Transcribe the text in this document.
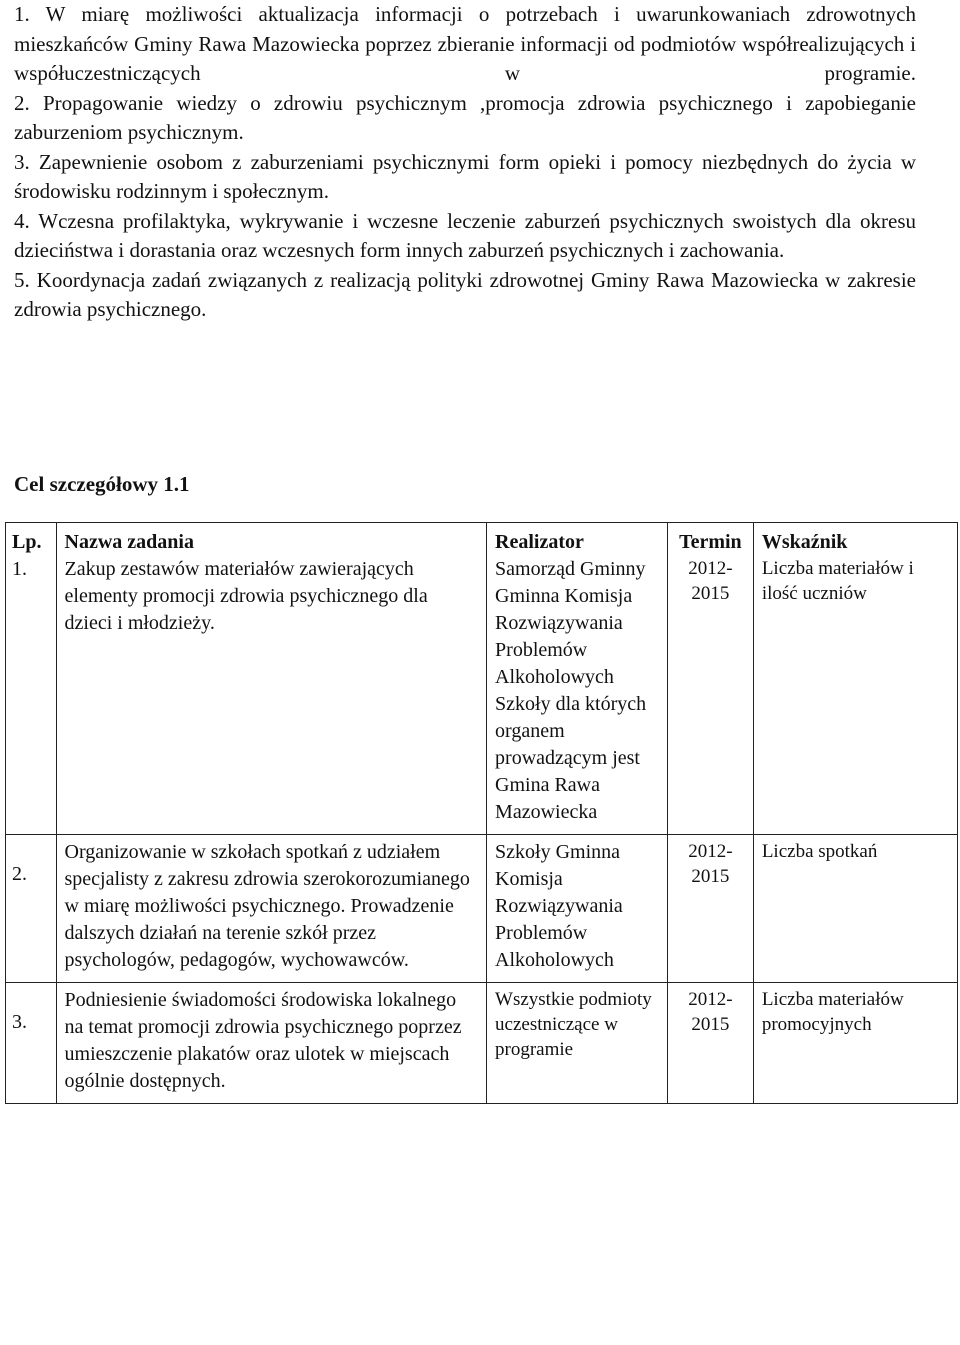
1. W miarę możliwości aktualizacja informacji o potrzebach i uwarunkowaniach zdrowotnych mieszkańców Gminy Rawa Mazowiecka poprzez zbieranie informacji od podmiotów współrealizujących i współuczestniczących w programie.

2. Propagowanie wiedzy o zdrowiu psychicznym ,promocja zdrowia psychicznego i zapobieganie zaburzeniom psychicznym.

3. Zapewnienie osobom z zaburzeniami psychicznymi form opieki i pomocy niezbędnych do życia w środowisku rodzinnym i społecznym.

4. Wczesna profilaktyka, wykrywanie i wczesne leczenie zaburzeń psychicznych swoistych dla okresu dzieciństwa i dorastania oraz wczesnych form innych zaburzeń psychicznych i zachowania.

5. Koordynacja zadań związanych z realizacją polityki zdrowotnej Gminy Rawa Mazowiecka w zakresie zdrowia psychicznego.

Cel szczegółowy 1.1
Lp.	Nazwa zadania	Realizator	Termin	Wskaźnik
1.	Zakup zestawów materiałów zawierających elementy promocji zdrowia psychicznego dla dzieci i młodzieży.	Samorząd Gminny Gminna Komisja Rozwiązywania Problemów Alkoholowych Szkoły dla których organem prowadzącym jest Gmina Rawa Mazowiecka	2012-2015	Liczba materiałów i ilość uczniów

2.	Organizowanie w szkołach spotkań z udziałem specjalisty z zakresu zdrowia szerokorozumianego w miarę możliwości psychicznego. Prowadzenie dalszych działań na terenie szkół przez psychologów, pedagogów, wychowawców.	Szkoły Gminna Komisja Rozwiązywania Problemów Alkoholowych	2012-2015	Liczba spotkań

3.	Podniesienie świadomości środowiska lokalnego na temat promocji zdrowia psychicznego poprzez umieszczenie plakatów oraz ulotek w miejscach ogólnie dostępnych.	Wszystkie podmioty uczestniczące w programie	2012-2015	Liczba materiałów promocyjnych
